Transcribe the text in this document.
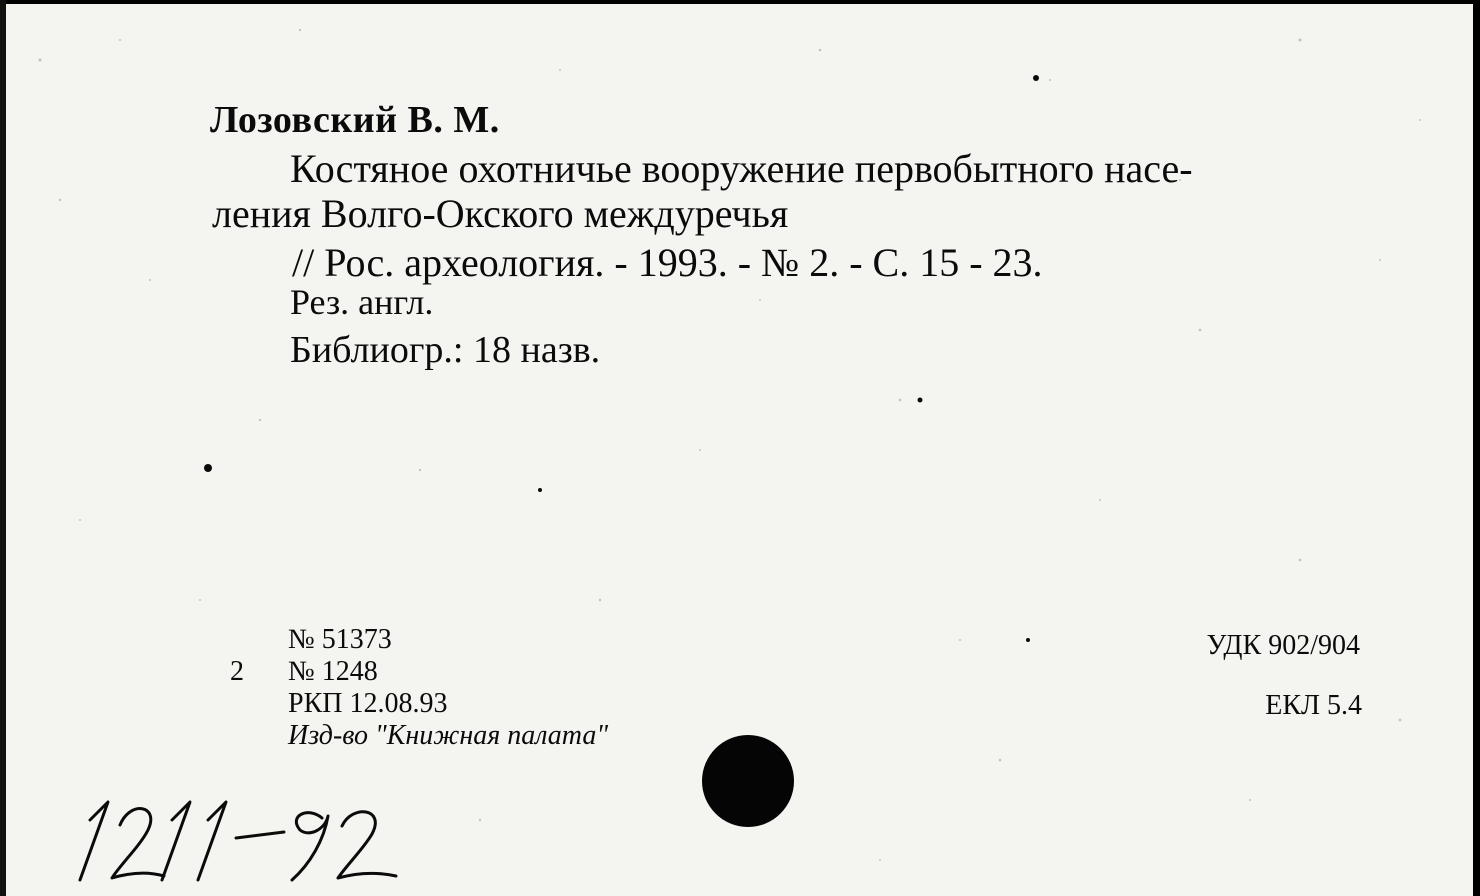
Лозовский В. М.
Костяное охотничье вооружение первобытного насе-
ления Волго-Окского междуречья
// Рос. археология. - 1993. - № 2. - С. 15 - 23.
Рез. англ.
Библиогр.: 18 назв.
№ 51373
2 № 1248
РКП 12.08.93
Изд-во "Книжная палата"
УДК 902/904
ЕКЛ 5.4
